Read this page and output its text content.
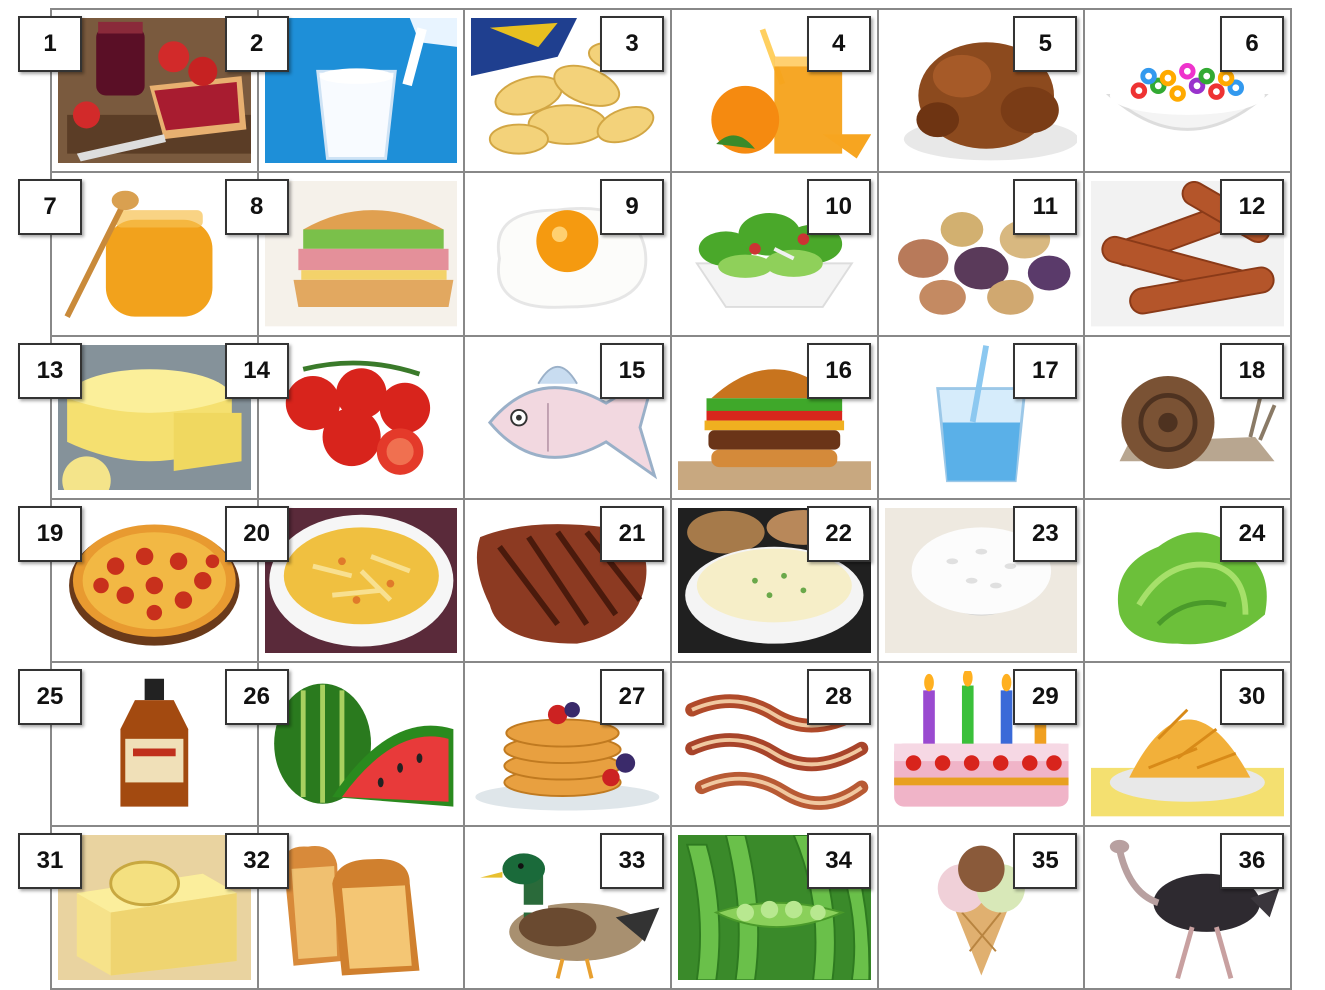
1	2	3	4	5	6
7	8	9	10	11	12
13	14	15	16	17	18
19	20	21	22	23	24
25	26	27	28	29	30
31	32	33	34	35	36
